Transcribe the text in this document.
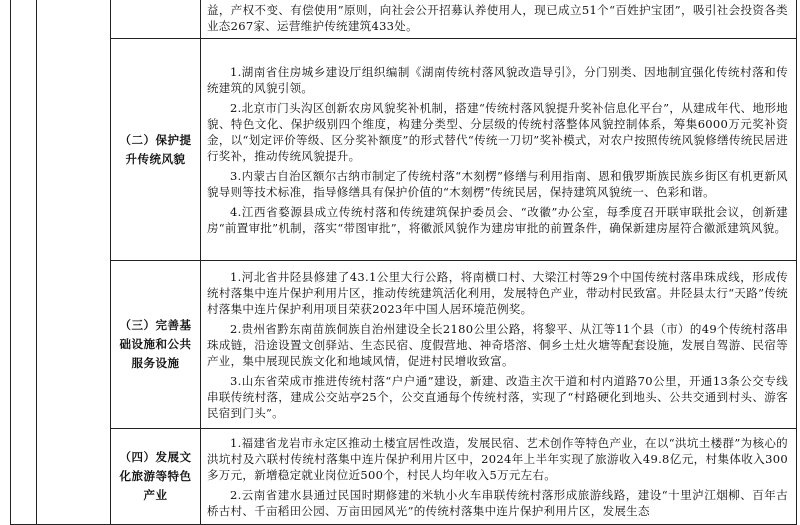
			益，产权不变、有偿使用”原则，向社会公开招募认养使用人，现已成立51个“百姓护宝团”，吸引社会投资各类业态267家、运营维护传统建筑433处。

		（二）保护提升传统风貌	1.湖南省住房城乡建设厅组织编制《湖南传统村落风貌改造导引》，分门别类、因地制宜强化传统村落和传统建筑的风貌引领。

2.北京市门头沟区创新农房风貌奖补机制，搭建“传统村落风貌提升奖补信息化平台”，从建成年代、地形地貌、特色文化、保护级别四个维度，构建分类型、分层级的传统村落整体风貌控制体系，筹集6000万元奖补资金，以“划定评价等级、区分奖补额度”的形式替代“传统一刀切”奖补模式，对农户按照传统风貌修缮传统民居进行奖补，推动传统风貌提升。

3.内蒙古自治区额尔古纳市制定了传统村落“木刻楞”修缮与利用指南、恩和俄罗斯族民族乡街区有机更新风貌导则等技术标准，指导修缮具有保护价值的“木刻楞”传统民居，保持建筑风貌统一、色彩和谐。

4.江西省婺源县成立传统村落和传统建筑保护委员会、“改徽”办公室，每季度召开联审联批会议，创新建房“前置审批”机制，落实“带图审批”，将徽派风貌作为建房审批的前置条件，确保新建房屋符合徽派建筑风貌。

		（三）完善基础设施和公共服务设施	1.河北省井陉县修建了43.1公里大行公路，将南横口村、大梁江村等29个中国传统村落串珠成线，形成传统村落集中连片保护利用片区，推动传统建筑活化利用，发展特色产业，带动村民致富。井陉县太行“天路”传统村落集中连片保护利用项目荣获2023年中国人居环境范例奖。

2.贵州省黔东南苗族侗族自治州建设全长2180公里公路，将黎平、从江等11个县（市）的49个传统村落串珠成链，沿途设置文创驿站、生态民宿、度假营地、神奇塔溶、侗乡土灶火塘等配套设施，发展自驾游、民宿等产业，集中展现民族文化和地域风情，促进村民增收致富。

3.山东省荣成市推进传统村落“户户通”建设，新建、改造主次干道和村内道路70公里，开通13条公交专线串联传统村落，建成公交站亭25个，公交直通每个传统村落，实现了“村路硬化到地头、公共交通到村头、游客民宿到门头”。

		（四）发展文化旅游等特色产业	1.福建省龙岩市永定区推动土楼宜居性改造，发展民宿、艺术创作等特色产业，在以“洪坑土楼群”为核心的洪坑村及六联村传统村落集中连片保护利用片区中，2024年上半年实现了旅游收入49.8亿元，村集体收入300多万元，新增稳定就业岗位近500个，村民人均年收入5万元左右。

2.云南省建水县通过民国时期修建的米轨小火车串联传统村落形成旅游线路，建设“十里泸江烟柳、百年古桥古村、千亩稻田公园、万亩田园风光”的传统村落集中连片保护利用片区，发展生态
